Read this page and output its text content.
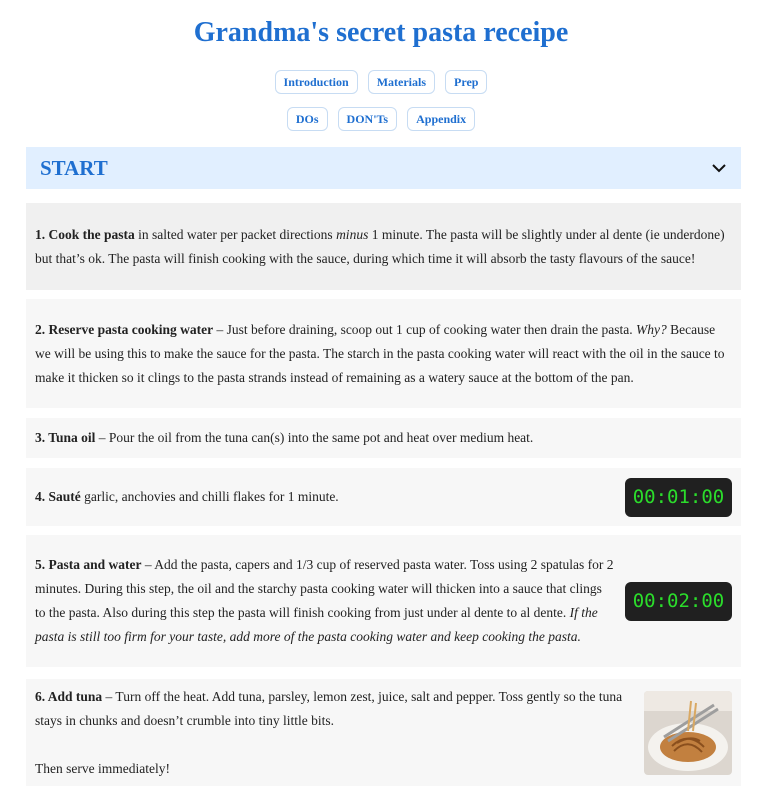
Grandma's secret pasta receipe
Introduction	Materials	Prep
DOs	DON'Ts	Appendix
START
1. Cook the pasta in salted water per packet directions minus 1 minute. The pasta will be slightly under al dente (ie underdone) but that’s ok. The pasta will finish cooking with the sauce, during which time it will absorb the tasty flavours of the sauce!
2. Reserve pasta cooking water – Just before draining, scoop out 1 cup of cooking water then drain the pasta. Why? Because we will be using this to make the sauce for the pasta. The starch in the pasta cooking water will react with the oil in the sauce to make it thicken so it clings to the pasta strands instead of remaining as a watery sauce at the bottom of the pan.
3. Tuna oil – Pour the oil from the tuna can(s) into the same pot and heat over medium heat.
4. Sauté garlic, anchovies and chilli flakes for 1 minute.	00:01:00
5. Pasta and water – Add the pasta, capers and 1/3 cup of reserved pasta water. Toss using 2 spatulas for 2 minutes. During this step, the oil and the starchy pasta cooking water will thicken into a sauce that clings to the pasta. Also during this step the pasta will finish cooking from just under al dente to al dente. If the pasta is still too firm for your taste, add more of the pasta cooking water and keep cooking the pasta.
00:02:00
6. Add tuna – Turn off the heat. Add tuna, parsley, lemon zest, juice, salt and pepper. Toss gently so the tuna stays in chunks and doesn’t crumble into tiny little bits.

Then serve immediately!
